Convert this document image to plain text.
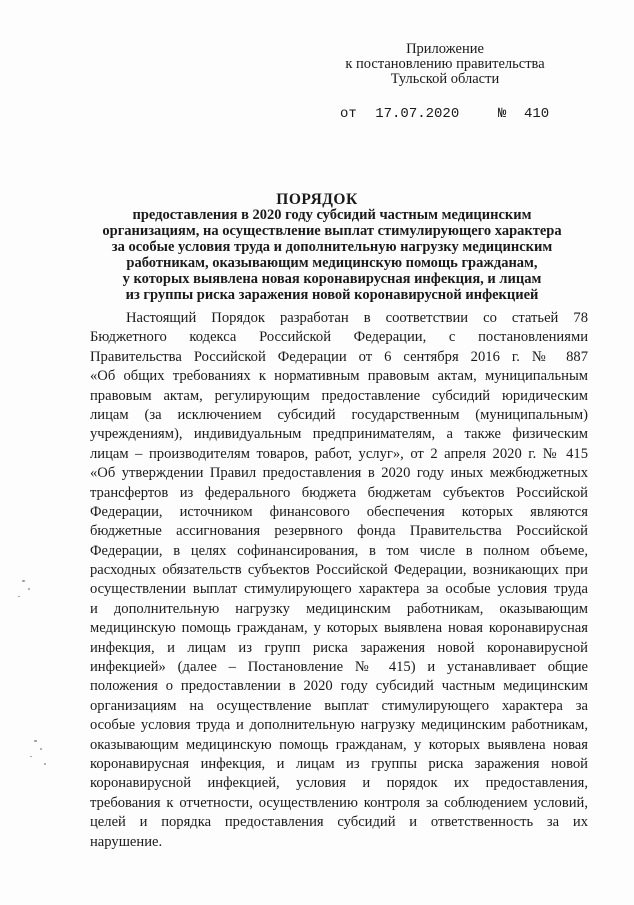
Приложение
к постановлению правительства
Тульской области
от 17.07.2020	№ 410
ПОРЯДОК
предоставления в 2020 году субсидий частным медицинским
организациям, на осуществление выплат стимулирующего характера
за особые условия труда и дополнительную нагрузку медицинским
работникам, оказывающим медицинскую помощь гражданам,
у которых выявлена новая коронавирусная инфекция, и лицам
из группы риска заражения новой коронавирусной инфекцией
Настоящий Порядок разработан в соответствии со статьей 78
Бюджетного кодекса Российской Федерации, с постановлениями
Правительства Российской Федерации от 6 сентября 2016 г. № 887
«Об общих требованиях к нормативным правовым актам, муниципальным
правовым актам, регулирующим предоставление субсидий юридическим
лицам (за исключением субсидий государственным (муниципальным)
учреждениям), индивидуальным предпринимателям, а также физическим
лицам – производителям товаров, работ, услуг», от 2 апреля 2020 г. № 415
«Об утверждении Правил предоставления в 2020 году иных межбюджетных
трансфертов из федерального бюджета бюджетам субъектов Российской
Федерации, источником финансового обеспечения которых являются
бюджетные ассигнования резервного фонда Правительства Российской
Федерации, в целях софинансирования, в том числе в полном объеме,
расходных обязательств субъектов Российской Федерации, возникающих при
осуществлении выплат стимулирующего характера за особые условия труда
и дополнительную нагрузку медицинским работникам, оказывающим
медицинскую помощь гражданам, у которых выявлена новая коронавирусная
инфекция, и лицам из групп риска заражения новой коронавирусной
инфекцией» (далее – Постановление № 415) и устанавливает общие
положения о предоставлении в 2020 году субсидий частным медицинским
организациям на осуществление выплат стимулирующего характера за
особые условия труда и дополнительную нагрузку медицинским работникам,
оказывающим медицинскую помощь гражданам, у которых выявлена новая
коронавирусная инфекция, и лицам из группы риска заражения новой
коронавирусной инфекцией, условия и порядок их предоставления,
требования к отчетности, осуществлению контроля за соблюдением условий,
целей и порядка предоставления субсидий и ответственность за их
нарушение.
